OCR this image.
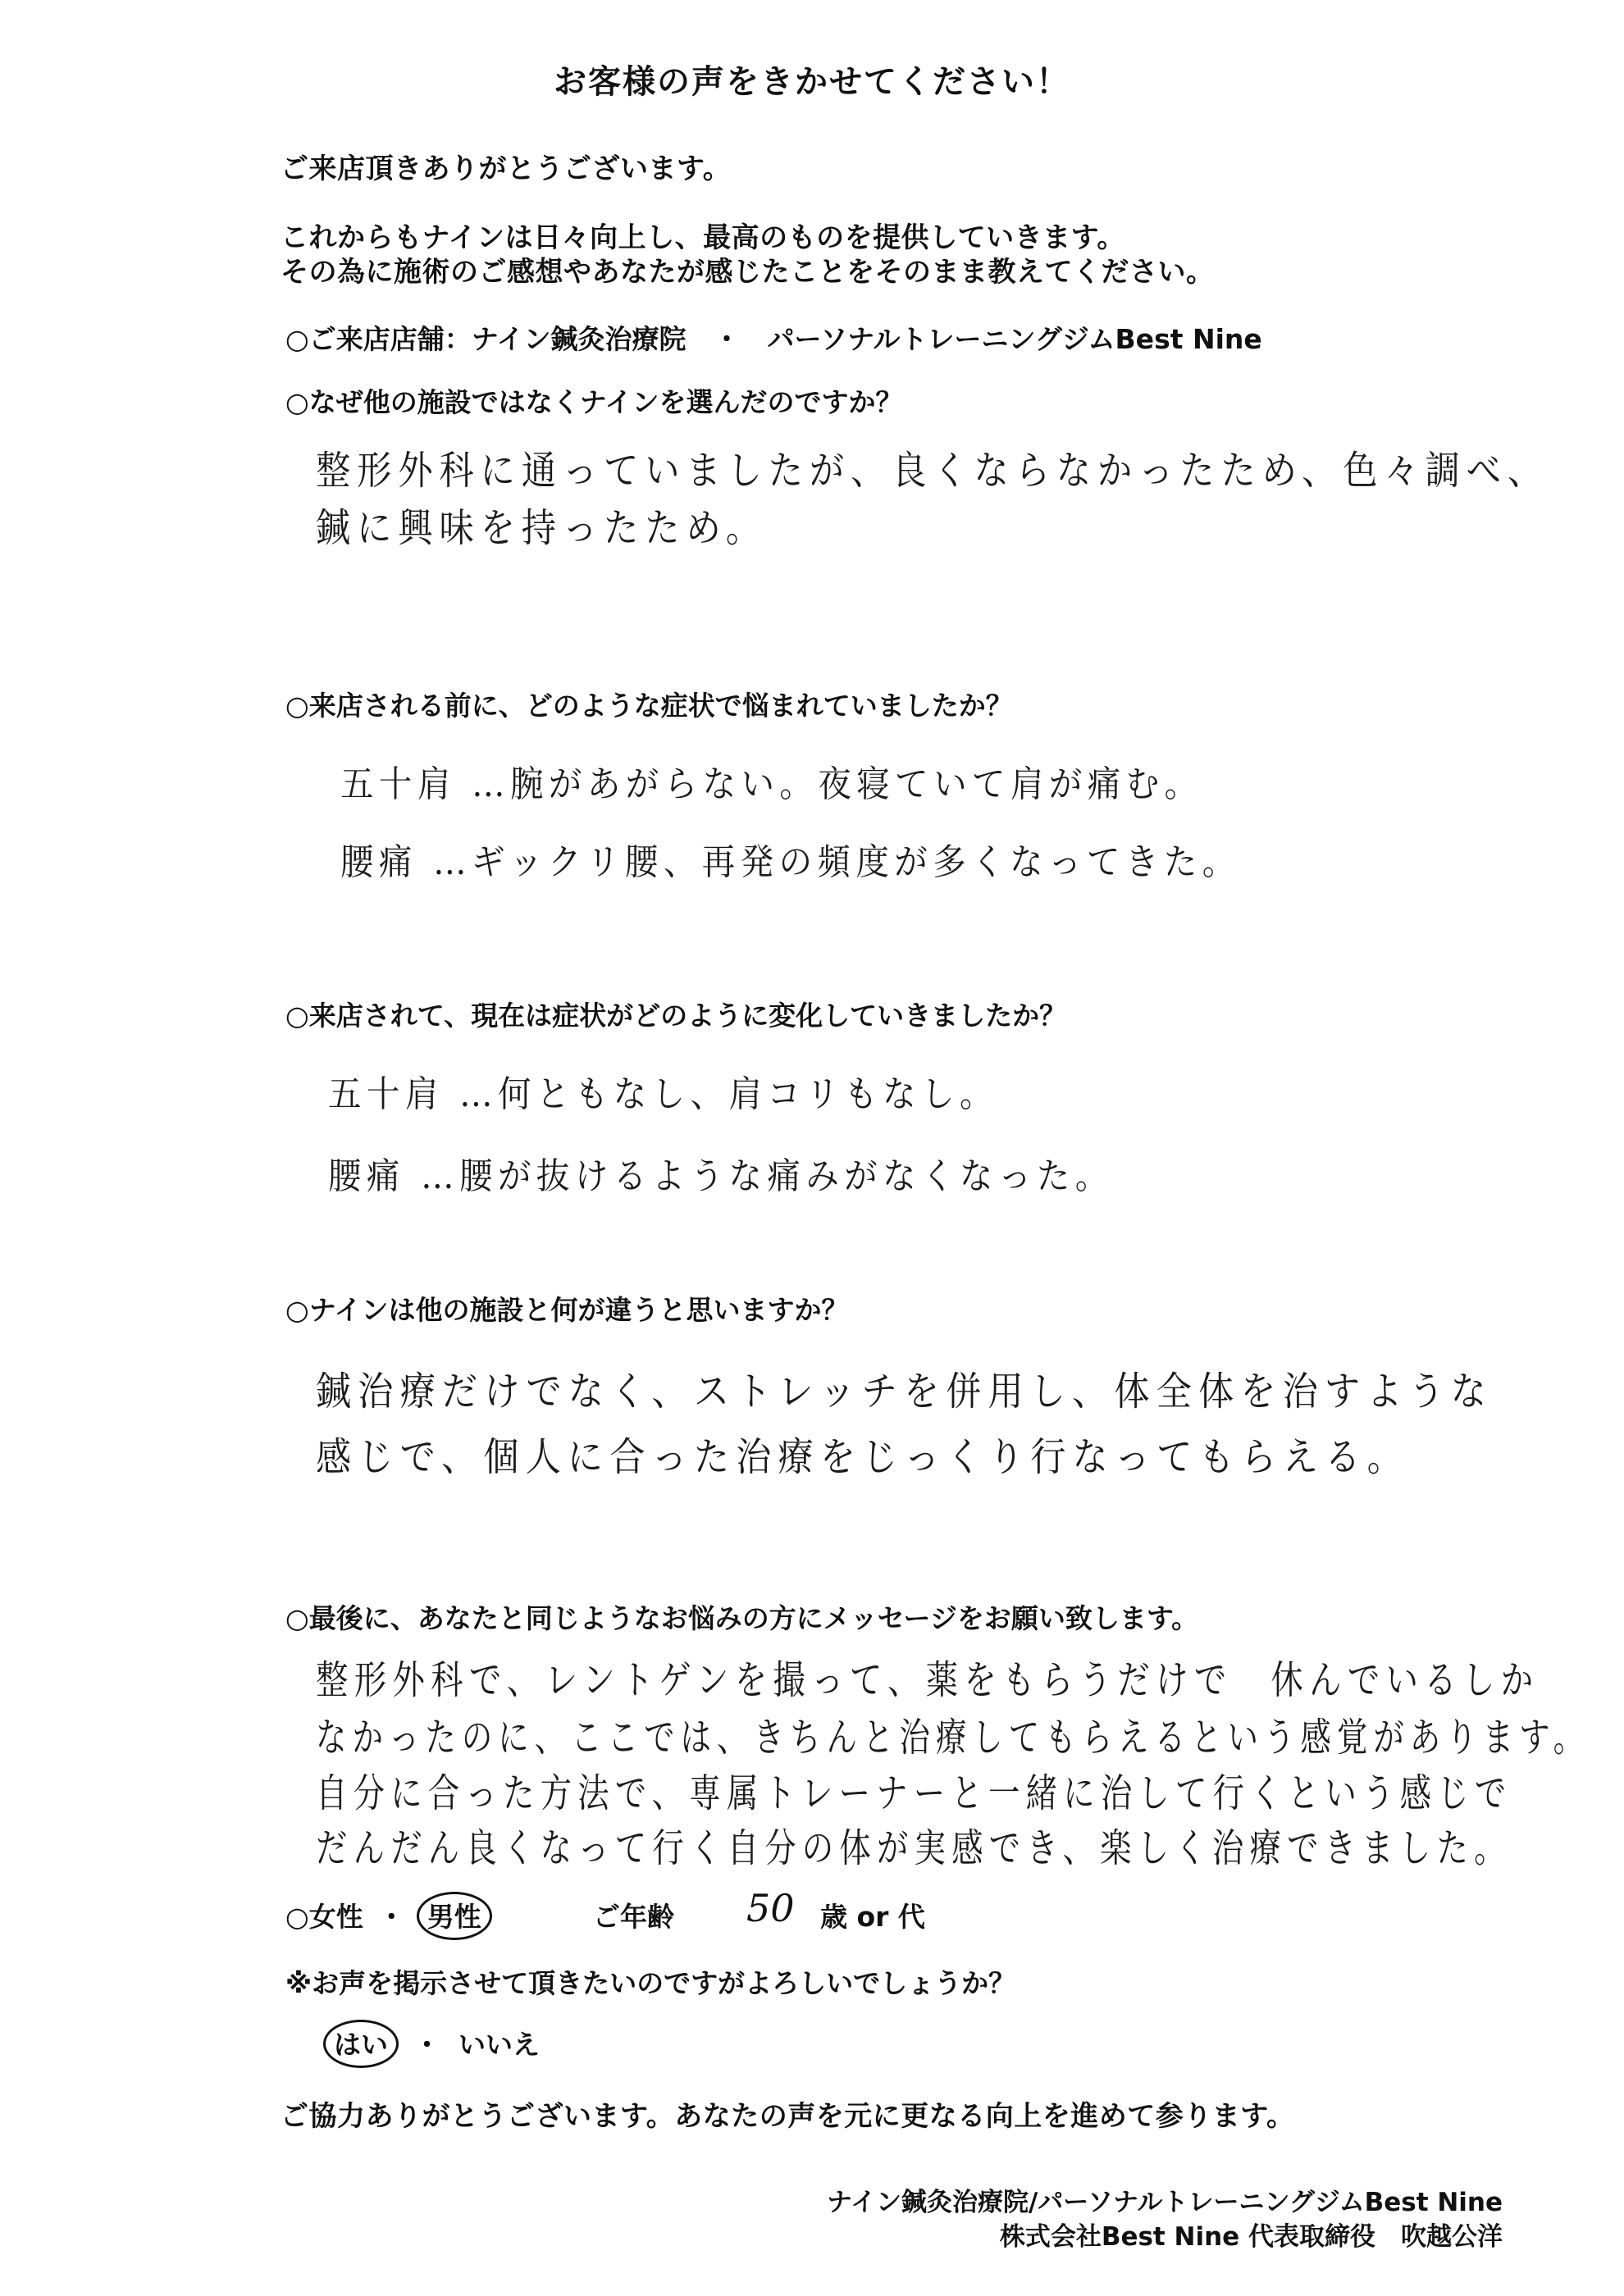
お客様の声をきかせてください！
ご来店頂きありがとうございます。
これからもナインは日々向上し、最高のものを提供していきます。
その為に施術のご感想やあなたが感じたことをそのまま教えてください。
○ご来店店舗：ナイン鍼灸治療院　・　パーソナルトレーニングジムBest Nine
○なぜ他の施設ではなくナインを選んだのですか？
整形外科に通っていましたが、良くならなかったため、色々調べ、
鍼に興味を持ったため。
○来店される前に、どのような症状で悩まれていましたか？
五十肩 …腕があがらない。夜寝ていて肩が痛む。
腰痛 …ギックリ腰、再発の頻度が多くなってきた。
○来店されて、現在は症状がどのように変化していきましたか？
五十肩 …何ともなし、肩コリもなし。
腰痛 …腰が抜けるような痛みがなくなった。
○ナインは他の施設と何が違うと思いますか？
鍼治療だけでなく、ストレッチを併用し、体全体を治すような
感じで、個人に合った治療をじっくり行なってもらえる。
○最後に、あなたと同じようなお悩みの方にメッセージをお願い致します。
整形外科で、レントゲンを撮って、薬をもらうだけで　休んでいるしか
なかったのに、ここでは、きちんと治療してもらえるという感覚があります。
自分に合った方法で、専属トレーナーと一緒に治して行くという感じで
だんだん良くなって行く自分の体が実感でき、楽しく治療できました。
○女性 ・ 男性	ご年齢 50 歳 or 代
※お声を掲示させて頂きたいのですがよろしいでしょうか？
はい ・ いいえ
ご協力ありがとうございます。あなたの声を元に更なる向上を進めて参ります。
ナイン鍼灸治療院/パーソナルトレーニングジムBest Nine
株式会社Best Nine 代表取締役　吹越公洋
